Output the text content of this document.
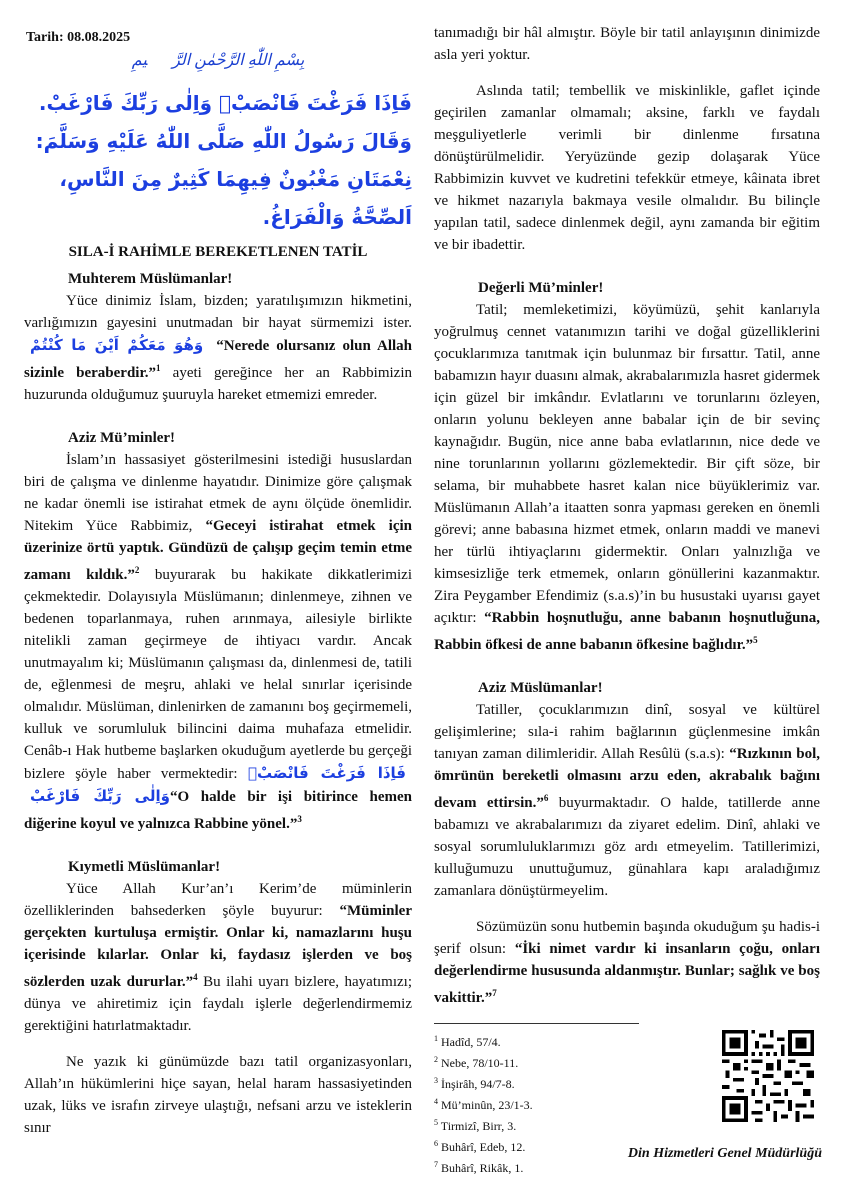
Tarih: 08.08.2025
بِسْمِ اللّٰهِ الرَّحْمٰنِ الرَّح۪يمِ
فَاِذَا فَرَغْتَ فَانْصَبْۙ وَاِلٰى رَبِّكَ فَارْغَبْ.
وَقَالَ رَسُولُ اللّٰهِ صَلَّى اللّٰهُ عَلَيْهِ وَسَلَّمَ:
نِعْمَتَانِ مَغْبُونٌ فِيهِمَا كَثِيرٌ مِنَ النَّاسِ، اَلصِّحَّةُ وَالْفَرَاغُ.
SILA-İ RAHİMLE BEREKETLENEN TATİL
Muhterem Müslümanlar!

Yüce dinimiz İslam, bizden; yaratılışımızın hikmetini, varlığımızın gayesini unutmadan bir hayat sürmemizi ister. وَهُوَ مَعَكُمْ اَيْنَ مَا كُنْتُمْ “Nerede olursanız olun Allah sizinle beraberdir.”$^1$ ayeti gereğince her an Rabbimizin huzurunda olduğumuz şuuruyla hareket etmemizi emreder.

Aziz Mü’minler!

İslam’ın hassasiyet gösterilmesini istediği hususlardan biri de çalışma ve dinlenme hayatıdır. Dinimize göre çalışmak ne kadar önemli ise istirahat etmek de aynı ölçüde önemlidir. Nitekim Yüce Rabbimiz, “Geceyi istirahat etmek için üzerinize örtü yaptık. Gündüzü de çalışıp geçim temin etme zamanı kıldık.”$^2$ buyurarak bu hakikate dikkatlerimizi çekmektedir. Dolayısıyla Müslümanın; dinlenmeye, zihnen ve bedenen toparlanmaya, ruhen arınmaya, ailesiyle birlikte nitelikli zaman geçirmeye de ihtiyacı vardır. Ancak unutmayalım ki; Müslümanın çalışması da, dinlenmesi de, tatili de, eğlenmesi de meşru, ahlaki ve helal sınırlar içerisinde olmalıdır. Müslüman, dinlenirken de zamanını boş geçirmemeli, kulluk ve sorumluluk bilincini daima muhafaza etmelidir. Cenâb-ı Hak hutbeme başlarken okuduğum ayetlerde bu gerçeği bizlere şöyle haber vermektedir: فَاِذَا فَرَغْتَ فَانْصَبْۙ وَاِلٰى رَبِّكَ فَارْغَبْ“O halde bir işi bitirince hemen diğerine koyul ve yalnızca Rabbine yönel.”$^3$

Kıymetli Müslümanlar!

Yüce Allah Kur’an’ı Kerim’de müminlerin özelliklerinden bahsederken şöyle buyurur: “Müminler gerçekten kurtuluşa ermiştir. Onlar ki, namazlarını huşu içerisinde kılarlar. Onlar ki, faydasız işlerden ve boş sözlerden uzak dururlar.”$^4$ Bu ilahi uyarı bizlere, hayatımızı; dünya ve ahiretimiz için faydalı işlerle değerlendirmemiz gerektiğini hatırlatmaktadır.

Ne yazık ki günümüzde bazı tatil organizasyonları, Allah’ın hükümlerini hiçe sayan, helal haram hassasiyetinden uzak, lüks ve israfın zirveye ulaştığı, nefsani arzu ve isteklerin sınır

tanımadığı bir hâl almıştır. Böyle bir tatil anlayışının dinimizde asla yeri yoktur.

Aslında tatil; tembellik ve miskinlikle, gaflet içinde geçirilen zamanlar olmamalı; aksine, farklı ve faydalı meşguliyetlerle verimli bir dinlenme fırsatına dönüştürülmelidir. Yeryüzünde gezip dolaşarak Yüce Rabbimizin kuvvet ve kudretini tefekkür etmeye, kâinata ibret ve hikmet nazarıyla bakmaya vesile olmalıdır. Bu bilinçle yapılan tatil, sadece dinlenmek değil, aynı zamanda bir eğitim ve bir ibadettir.

Değerli Mü’minler!

Tatil; memleketimizi, köyümüzü, şehit kanlarıyla yoğrulmuş cennet vatanımızın tarihi ve doğal güzelliklerini çocuklarımıza tanıtmak için bulunmaz bir fırsattır. Tatil, anne babamızın hayır duasını almak, akrabalarımızla hasret gidermek için güzel bir imkândır. Evlatlarını ve torunlarını özleyen, onların yolunu bekleyen anne babalar için de bir sevinç kaynağıdır. Bugün, nice anne baba evlatlarının, nice dede ve nine torunlarının yollarını gözlemektedir. Bir çift söze, bir selama, bir muhabbete hasret kalan nice büyüklerimiz var. Müslümanın Allah’a itaatten sonra yapması gereken en önemli görevi; anne babasına hizmet etmek, onların maddi ve manevi her türlü ihtiyaçlarını gidermektir. Onları yalnızlığa ve kimsesizliğe terk etmemek, onların gönüllerini kazanmaktır. Zira Peygamber Efendimiz (s.a.s)’in bu husustaki uyarısı gayet açıktır: “Rabbin hoşnutluğu, anne babanın hoşnutluğuna, Rabbin öfkesi de anne babanın öfkesine bağlıdır.”$^5$

Aziz Müslümanlar!

Tatiller, çocuklarımızın dinî, sosyal ve kültürel gelişimlerine; sıla-i rahim bağlarının güçlenmesine imkân tanıyan zaman dilimleridir. Allah Resûlü (s.a.s): “Rızkının bol, ömrünün bereketli olmasını arzu eden, akrabalık bağını devam ettirsin.”$^6$ buyurmaktadır. O halde, tatillerde anne babamızı ve akrabalarımızı da ziyaret edelim. Dinî, ahlaki ve sosyal sorumluluklarımızı göz ardı etmeyelim. Tatillerimizi, kulluğumuzu unuttuğumuz, günahlara kapı araladığımız zamanlara dönüştürmeyelim.

Sözümüzün sonu hutbemin başında okuduğum şu hadis-i şerif olsun: “İki nimet vardır ki insanların çoğu, onları değerlendirme hususunda aldanmıştır. Bunlar; sağlık ve boş vakittir.”$^7$

$^1$ Hadîd, 57/4.
$^2$ Nebe, 78/10-11.
$^3$ İnşirâh, 94/7-8.
$^4$ Mü’minûn, 23/1-3.
$^5$ Tirmizî, Birr, 3.
$^6$ Buhârî, Edeb, 12.
$^7$ Buhârî, Rikâk, 1.
Din Hizmetleri Genel Müdürlüğü
